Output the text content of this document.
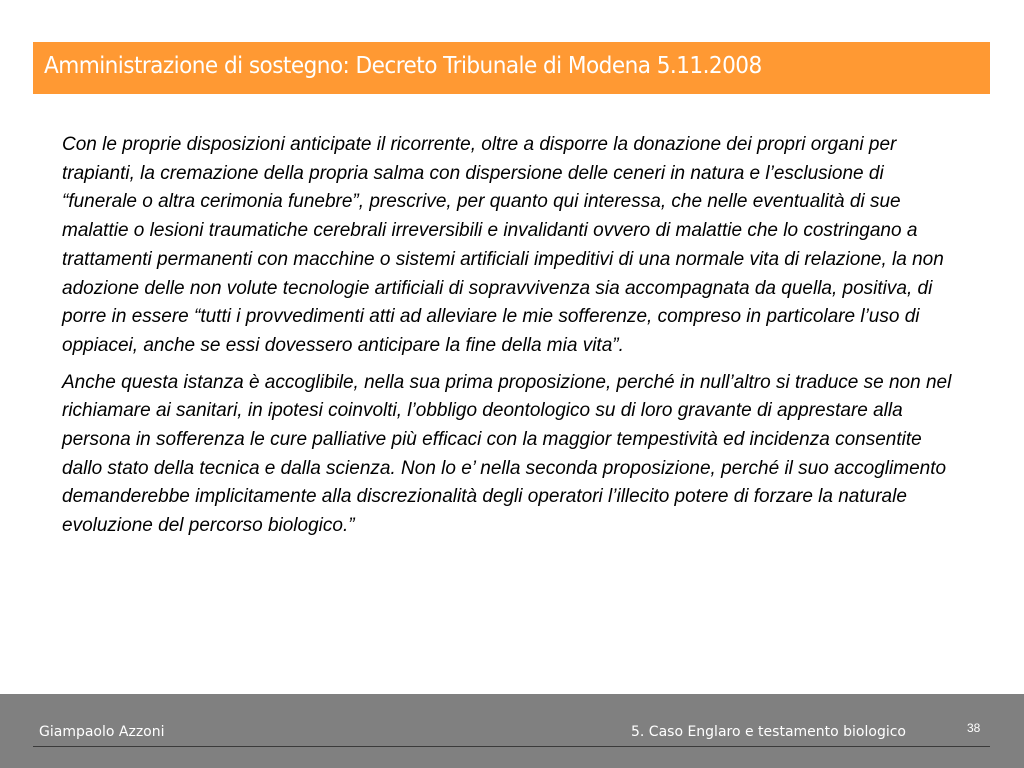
Amministrazione di sostegno: Decreto Tribunale di Modena 5.11.2008

Con le proprie disposizioni anticipate il ricorrente, oltre a disporre la donazione dei propri organi per trapianti, la cremazione della propria salma con dispersione delle ceneri in natura e l’esclusione di “funerale o altra cerimonia funebre”, prescrive, per quanto qui interessa, che nelle eventualità di sue malattie o lesioni traumatiche cerebrali irreversibili e invalidanti ovvero di malattie che lo costringano a trattamenti permanenti con macchine o sistemi artificiali impeditivi di una normale vita di relazione, la non adozione delle non volute tecnologie artificiali di sopravvivenza sia accompagnata da quella, positiva, di porre in essere “tutti i provvedimenti atti ad alleviare le mie sofferenze, compreso in particolare l’uso di oppiacei, anche se essi dovessero anticipare la fine della mia vita”.

Anche questa istanza è accoglibile, nella sua prima proposizione, perché in null’altro si traduce se non nel richiamare ai sanitari, in ipotesi coinvolti, l’obbligo deontologico su di loro gravante di apprestare alla persona in sofferenza le cure palliative più efficaci con la maggior tempestività ed incidenza consentite dallo stato della tecnica e dalla scienza. Non lo e’ nella seconda proposizione, perché il suo accoglimento demanderebbe implicitamente alla discrezionalità degli operatori l’illecito potere di forzare la naturale evoluzione del percorso biologico.”

Giampaolo Azzoni	5. Caso Englaro e testamento biologico	38
